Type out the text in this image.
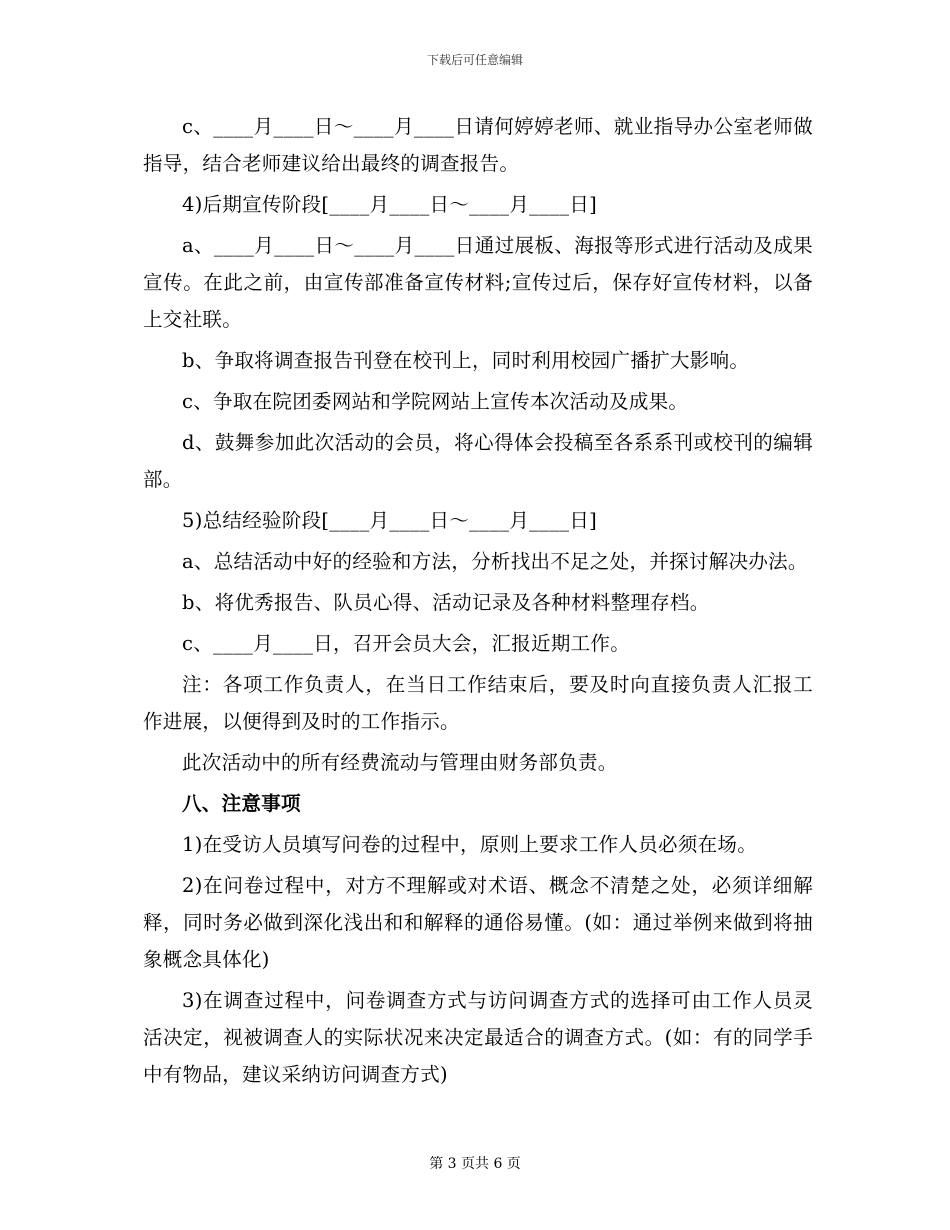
下载后可任意编辑

c、____月____日～____月____日请何婷婷老师、就业指导办公室老师做指导，结合老师建议给出最终的调查报告。

4)后期宣传阶段[____月____日～____月____日]

a、____月____日～____月____日通过展板、海报等形式进行活动及成果宣传。在此之前，由宣传部准备宣传材料;宣传过后，保存好宣传材料，以备上交社联。

b、争取将调查报告刊登在校刊上，同时利用校园广播扩大影响。

c、争取在院团委网站和学院网站上宣传本次活动及成果。

d、鼓舞参加此次活动的会员，将心得体会投稿至各系系刊或校刊的编辑部。

5)总结经验阶段[____月____日～____月____日]

a、总结活动中好的经验和方法，分析找出不足之处，并探讨解决办法。

b、将优秀报告、队员心得、活动记录及各种材料整理存档。

c、____月____日，召开会员大会，汇报近期工作。

注：各项工作负责人，在当日工作结束后，要及时向直接负责人汇报工作进展，以便得到及时的工作指示。

此次活动中的所有经费流动与管理由财务部负责。

八、注意事项

1)在受访人员填写问卷的过程中，原则上要求工作人员必须在场。

2)在问卷过程中，对方不理解或对术语、概念不清楚之处，必须详细解释，同时务必做到深化浅出和和解释的通俗易懂。(如：通过举例来做到将抽象概念具体化)

3)在调查过程中，问卷调查方式与访问调查方式的选择可由工作人员灵活决定，视被调查人的实际状况来决定最适合的调查方式。(如：有的同学手中有物品，建议采纳访问调查方式)

第 3 页共 6 页
